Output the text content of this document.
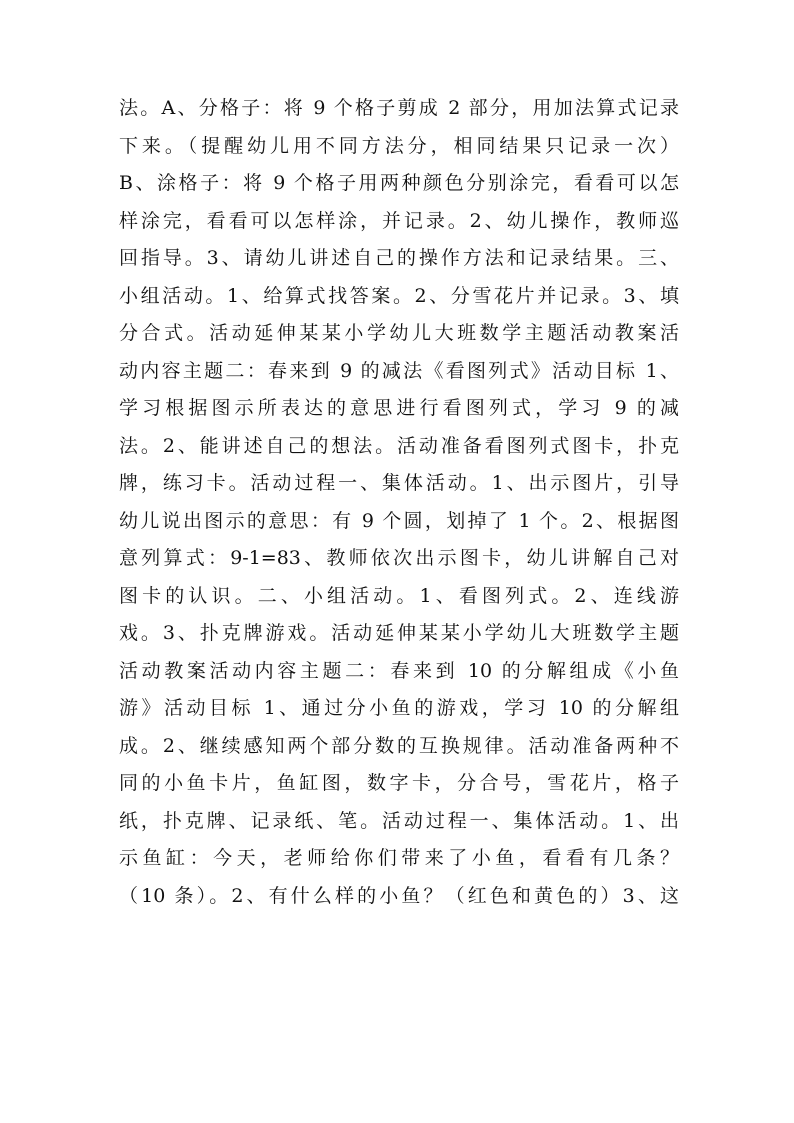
法。A、分格子：将 9 个格子剪成 2 部分，用加法算式记录
下来。（提醒幼儿用不同方法分，相同结果只记录一次）
B、涂格子：将 9 个格子用两种颜色分别涂完，看看可以怎
样涂完，看看可以怎样涂，并记录。2、幼儿操作，教师巡
回指导。3、请幼儿讲述自己的操作方法和记录结果。三、
小组活动。1、给算式找答案。2、分雪花片并记录。3、填
分合式。活动延伸某某小学幼儿大班数学主题活动教案活
动内容主题二：春来到 9 的减法《看图列式》活动目标 1、
学习根据图示所表达的意思进行看图列式，学习 9 的减
法。2、能讲述自己的想法。活动准备看图列式图卡，扑克
牌，练习卡。活动过程一、集体活动。1、出示图片，引导
幼儿说出图示的意思：有 9 个圆，划掉了 1 个。2、根据图
意列算式：9-1=83、教师依次出示图卡，幼儿讲解自己对
图卡的认识。二、小组活动。1、看图列式。2、连线游
戏。3、扑克牌游戏。活动延伸某某小学幼儿大班数学主题
活动教案活动内容主题二：春来到 10 的分解组成《小鱼
游》活动目标 1、通过分小鱼的游戏，学习 10 的分解组
成。2、继续感知两个部分数的互换规律。活动准备两种不
同的小鱼卡片，鱼缸图，数字卡，分合号，雪花片，格子
纸，扑克牌、记录纸、笔。活动过程一、集体活动。1、出
示鱼缸：今天，老师给你们带来了小鱼，看看有几条？
（10 条）。2、有什么样的小鱼？（红色和黄色的）3、这
